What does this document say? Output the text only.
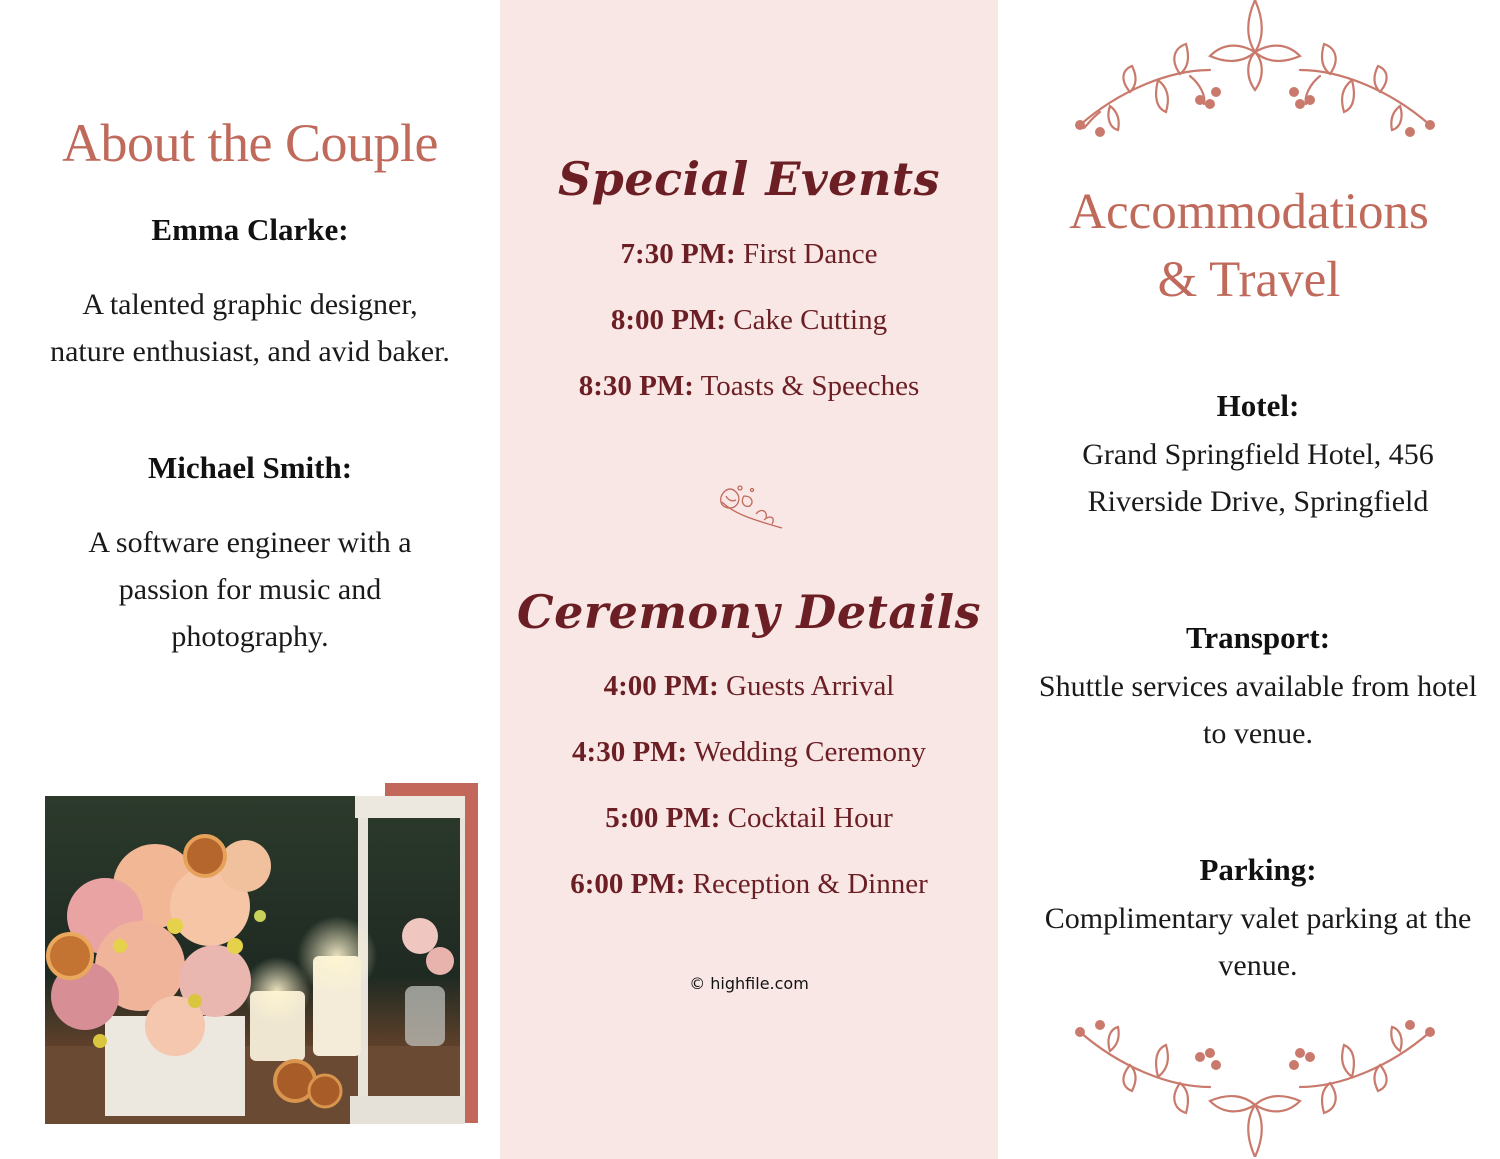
About the Couple

Emma Clarke:

A talented graphic designer, nature enthusiast, and avid baker.

Michael Smith:

A software engineer with a passion for music and photography.

Special Events

7:30 PM: First Dance

8:00 PM: Cake Cutting

8:30 PM: Toasts & Speeches

Ceremony Details

4:00 PM: Guests Arrival

4:30 PM: Wedding Ceremony

5:00 PM: Cocktail Hour

6:00 PM: Reception & Dinner

© highfile.com

Accommodations
& Travel

Hotel:

Grand Springfield Hotel, 456 Riverside Drive, Springfield

Transport:

Shuttle services available from hotel to venue.

Parking:

Complimentary valet parking at the venue.
